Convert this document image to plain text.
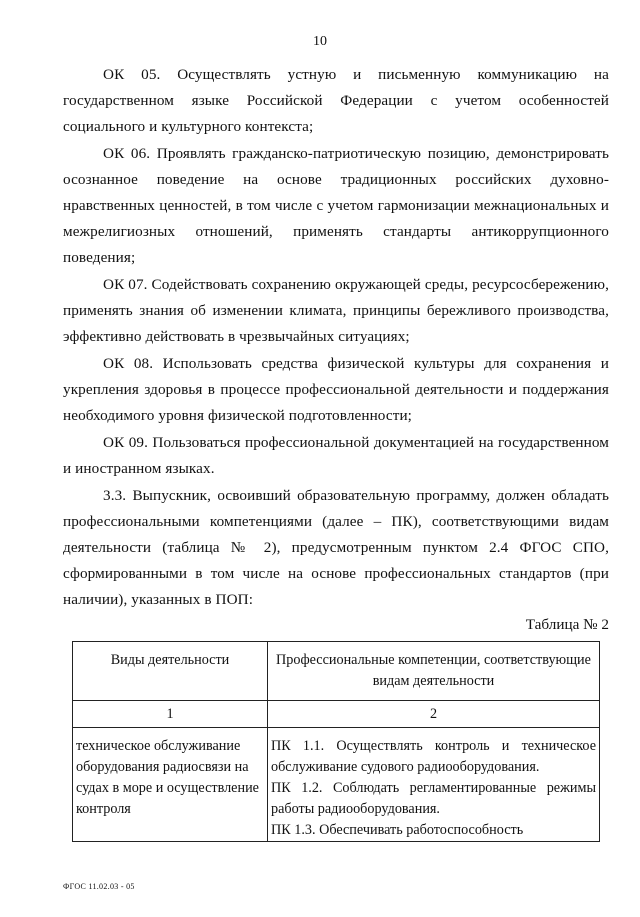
10

ОК 05. Осуществлять устную и письменную коммуникацию на государственном языке Российской Федерации с учетом особенностей социального и культурного контекста;

ОК 06. Проявлять гражданско-патриотическую позицию, демонстрировать осознанное поведение на основе традиционных российских духовно-нравственных ценностей, в том числе с учетом гармонизации межнациональных и межрелигиозных отношений, применять стандарты антикоррупционного поведения;

ОК 07. Содействовать сохранению окружающей среды, ресурсосбережению, применять знания об изменении климата, принципы бережливого производства, эффективно действовать в чрезвычайных ситуациях;

ОК 08. Использовать средства физической культуры для сохранения и укрепления здоровья в процессе профессиональной деятельности и поддержания необходимого уровня физической подготовленности;

ОК 09. Пользоваться профессиональной документацией на государственном и иностранном языках.

3.3. Выпускник, освоивший образовательную программу, должен обладать профессиональными компетенциями (далее – ПК), соответствующими видам деятельности (таблица № 2), предусмотренным пунктом 2.4 ФГОС СПО, сформированными в том числе на основе профессиональных стандартов (при наличии), указанных в ПОП:

Таблица № 2
Виды деятельности	Профессиональные компетенции, соответствующие видам деятельности
1	2
техническое обслуживание оборудования радиосвязи на судах в море и осуществление контроля	ПК 1.1. Осуществлять контроль и техническое обслуживание судового радиооборудования.
ПК 1.2. Соблюдать регламентированные режимы работы радиооборудования.
ПК 1.3. Обеспечивать работоспособность
ФГОС 11.02.03 - 05
